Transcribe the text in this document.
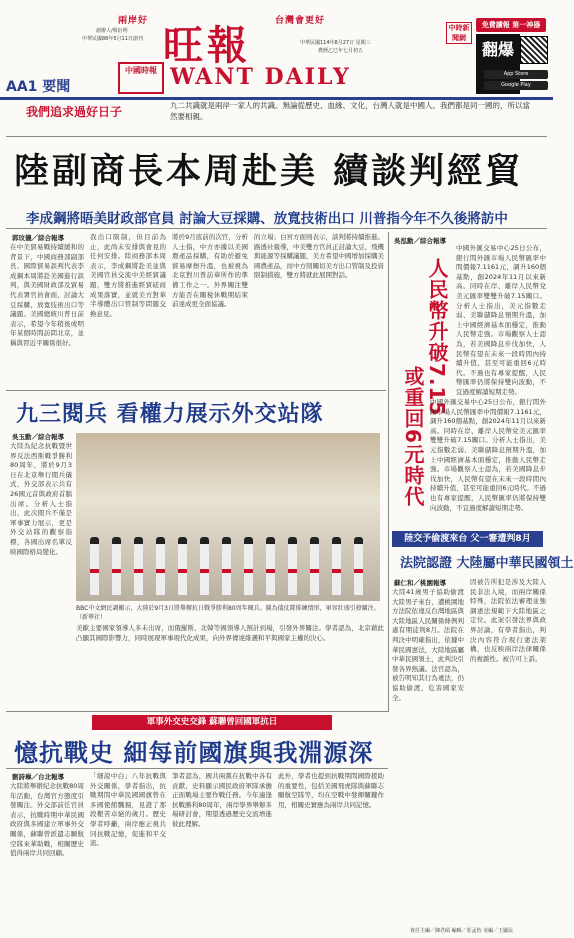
兩岸好	台灣會更好
創辦人/蔡衍明
中華民國88年5月11日創刊 旺報	中華民國114年8月27日 星期三
農曆乙巳年七月初五
中國時報 WANT DAILY
AA1 要聞
中時新聞網
免費讀報 第一神器
翻爆
App Store
Google Play
我們追求過好日子	九二共識就是兩岸一家人的共識。無論從歷史、血緣、文化，台灣人就是中國人。我們都是同一國的，所以當然要相親。
陸副商長本周赴美 續談判經貿
李成鋼將晤美財政部官員 討論大豆採購、放寬技術出口 川普指今年不久後將訪中
郭玟儀／綜合報導
在中美貿易戰持續緩和的背景下，中國商務部副部長、國際貿易談判代表李成鋼本周將赴美國進行談判，與美國財政部及貿易代表署官員會面，討論大豆採購、放寬技術出口等議題。美國總統川普日前表示，希望今年稍後或明年某個時間訪問北京，並稱與習近平關係很好。
我出口限制，但目前為止，此尚未安排與會見的任何安排。陸商務部本周表示，李成鋼將赴美並與美國官員交流中美經貿議題，雙方將推進經貿磋商成果落實，並就美方對華半導體出口管制等問題交換意見。
將於9月底前的次官，分析人士指，中方亦據以美國農產品採購，有助於避免貿易摩擦升溫，也被視為北京對川普訪華所作的準備工作之一。外界關注雙方能否在關稅休戰期結束前達成更全面協議。
的立場；白宮方面則表示，談判將持續推進。路透社報導，中美雙方官員正討論大豆、飛機與能源等採購議題，美方希望中國增加採購美國農產品，而中方則關切美方出口管制及投資限制措施，雙方將就此展開對話。
九三閱兵 看權力展示外交站隊
吳玉勳／綜合報導
大陸為紀念抗戰暨世界反法西斯戰爭勝利80周年，將於9月3日在北京舉行閱兵儀式，外交部表示共有26國元首與政府首腦出席。分析人士指出，此次閱兵不僅是軍事實力展示，更是外交站隊的觀察指標，各國出席名單反映國際格局變化。
BBC中文網民調顯示，大陸於9月3日將舉辦抗日戰爭勝利80周年閱兵。圖為儀仗隊排練情形，軍容壯盛引發關注。（新華社）
美歐主要國家領導人多未出席，而俄羅斯、北韓等國領導人預計到場，引發外界關注。學者認為，北京藉此凸顯其國際影響力，同時展現軍事現代化成果，向外界傳達維護和平與國家主權的決心。
吳泓勳／綜合報導
人民幣升破7.15
或重回6元時代
中國外匯交易中心25日公布，銀行間外匯市場人民幣匯率中間價報7.1161元，調升160個基點，創2024年11月以來新高。同時在岸、離岸人民幣兌美元匯率雙雙升破7.15關口。分析人士指出，美元指數走弱、美聯儲降息預期升溫，加上中國經濟基本面穩定，推動人民幣走強。市場觀察人士認為，若美國降息步伐加快，人民幣有望在未來一段時間內持續升值，甚至可能重回6元時代。不過也有專家提醒，人民幣匯率仍將保持雙向波動，不宜過度解讀短期走勢。
中國外匯交易中心25日公布，銀行間外匯市場人民幣匯率中間價報7.1161元，調升160個基點，創2024年11月以來新高。同時在岸、離岸人民幣兌美元匯率雙雙升破7.15關口。分析人士指出，美元指數走弱、美聯儲降息預期升溫，加上中國經濟基本面穩定，推動人民幣走強。市場觀察人士認為，若美國降息步伐加快，人民幣有望在未來一段時間內持續升值，甚至可能重回6元時代。不過也有專家提醒，人民幣匯率仍將保持雙向波動，不宜過度解讀短期走勢。
陸交予偷渡來台 父一審遭判8月
法院認證 大陸屬中華民國領土
蘇仁和／桃園報導
大陸41歲男子協助偷渡大陸男子來台，遭桃園地方法院依違反台灣地區與大陸地區人民關係條例判處有期徒刑8月。法院在判決中明確指出，依據中華民國憲法，大陸地區屬中華民國領土，此判決引發各界熱議。法官認為，被告明知其行為違法，仍協助偷渡，危害國家安全。
因被告所犯是涉及大陸人民非法入境，而兩岸關係特殊，法院依法審理並強調憲法規範下大陸地區之定位。此案引發法界與政界討論，有學者指出，判決內容符合現行憲法架構，也反映兩岸法律關係的複雜性。被告可上訴。
軍事外交史交鋒 蘇聯曾回國軍抗日
憶抗戰史 細每前國旗與我淵源深
劉詩琳／台北報導
大陸將舉辦紀念抗戰80周年活動，台灣官方態度引發關注。外交部前任官員表示，抗戰時期中華民國政府與多國建立軍事外交關係，蘇聯曾派遣志願航空隊來華助戰，相關歷史值得兩岸共同回顧。
「細說中白」八年抗戰與外交關係，學者指出，抗戰期間中華民國國旗曾在多國使館飄揚，見證了那段艱苦卓絕的歲月。歷史學者呼籲，兩岸應正視共同抗戰記憶，促進和平交流。
筆者認為，國共兩黨在抗戰中各有貢獻，史料顯示國民政府軍隊承擔正面戰場主要作戰任務。今年適逢抗戰勝利80周年，兩岸學界舉辦多場研討會，期望透過歷史交流增進彼此理解。
此外，學者也提到抗戰期間國際援助的重要性，包括美國飛虎隊與蘇聯志願航空隊等，均在空戰中發揮關鍵作用，相關史實應為兩岸共同記憶。
責任主編／陳君碩 編輯／莊孟怡 美編／王顯民
